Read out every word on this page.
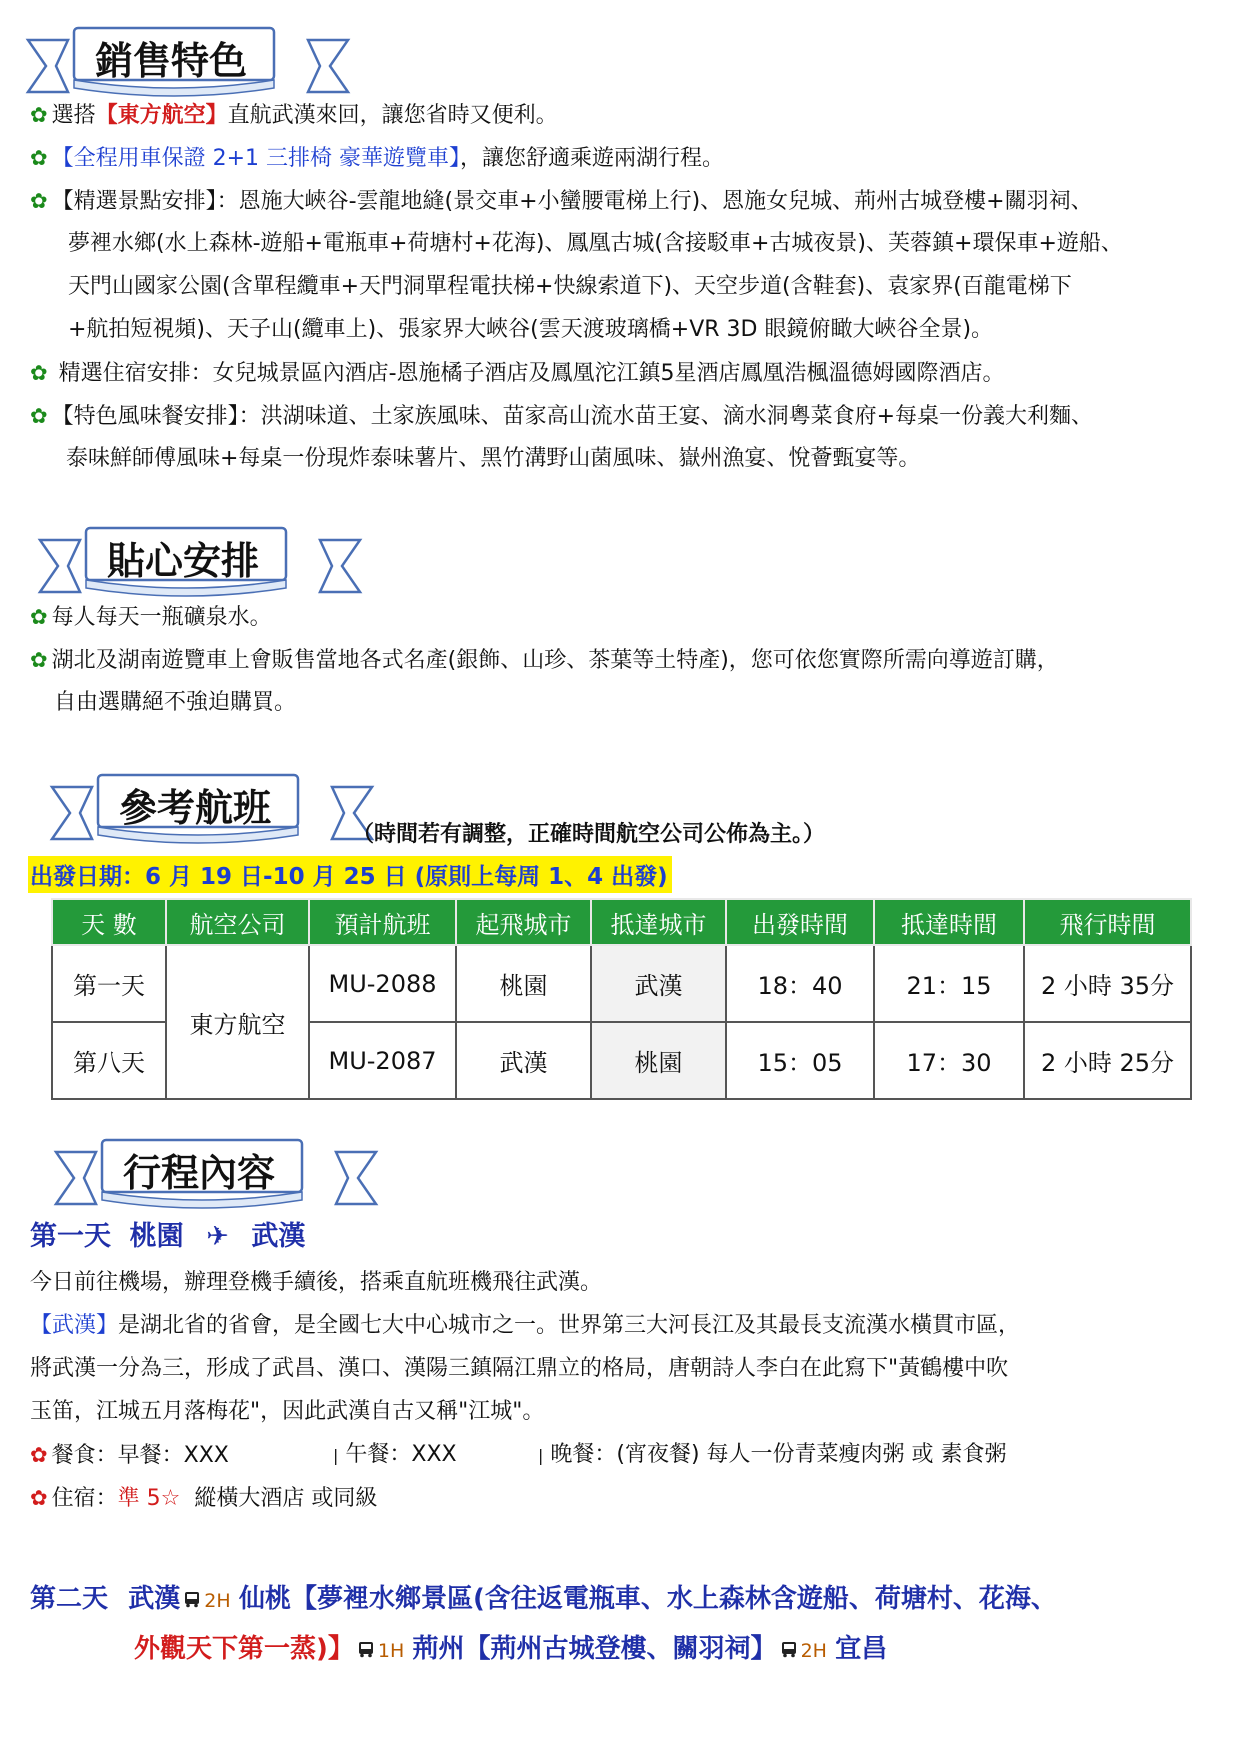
銷售特色
✿ 選搭【東方航空】直航武漢來回，讓您省時又便利。
✿ 【全程用車保證 2+1 三排椅 豪華遊覽車】，讓您舒適乘遊兩湖行程。
✿ 【精選景點安排】：恩施大峽谷-雲龍地縫(景交車+小蠻腰電梯上行)、恩施女兒城、荊州古城登樓+關羽祠、
夢裡水鄉(水上森林-遊船+電瓶車+荷塘村+花海)、鳳凰古城(含接駁車+古城夜景)、芙蓉鎮+環保車+遊船、
天門山國家公園(含單程纜車+天門洞單程電扶梯+快線索道下)、天空步道(含鞋套)、袁家界(百龍電梯下
+航拍短視頻)、天子山(纜車上)、張家界大峽谷(雲天渡玻璃橋+VR 3D 眼鏡俯瞰大峽谷全景)。
✿ 精選住宿安排：女兒城景區內酒店-恩施橘子酒店及鳳凰沱江鎮5星酒店鳳凰浩楓溫德姆國際酒店。
✿ 【特色風味餐安排】：洪湖味道、土家族風味、苗家高山流水苗王宴、滴水洞粵菜食府+每桌一份義大利麵、
泰味鮮師傅風味+每桌一份現炸泰味薯片、黑竹溝野山菌風味、嶽州漁宴、悅薈甄宴等。
貼心安排
✿ 每人每天一瓶礦泉水。
✿ 湖北及湖南遊覽車上會販售當地各式名產(銀飾、山珍、茶葉等土特產)，您可依您實際所需向導遊訂購，
自由選購絕不強迫購買。
參考航班
（時間若有調整，正確時間航空公司公佈為主。）
出發日期：6 月 19 日-10 月 25 日 (原則上每周 1、4 出發)
天 數	航空公司	預計航班	起飛城市	抵達城市	出發時間	抵達時間	飛行時間
第一天	東方航空	MU-2088	桃園	武漢	18：40	21：15	2 小時 35分
第八天		MU-2087	武漢	桃園	15：05	17：30	2 小時 25分
行程內容
第一天 桃園 ✈ 武漢
今日前往機場，辦理登機手續後，搭乘直航班機飛往武漢。
【武漢】是湖北省的省會，是全國七大中心城市之一。世界第三大河長江及其最長支流漢水橫貫市區，
將武漢一分為三，形成了武昌、漢口、漢陽三鎮隔江鼎立的格局，唐朝詩人李白在此寫下"黃鶴樓中吹
玉笛，江城五月落梅花"，因此武漢自古又稱"江城"。
✿ 餐食：早餐：XXX	| 午餐：XXX	| 晚餐：(宵夜餐) 每人一份青菜瘦肉粥 或 素食粥
✿ 住宿：準 5☆ 縱橫大酒店 或同級
第二天 武漢 2H 仙桃【夢裡水鄉景區(含往返電瓶車、水上森林含遊船、荷塘村、花海、
外觀天下第一蒸)】 1H 荊州【荊州古城登樓、關羽祠】 2H 宜昌
